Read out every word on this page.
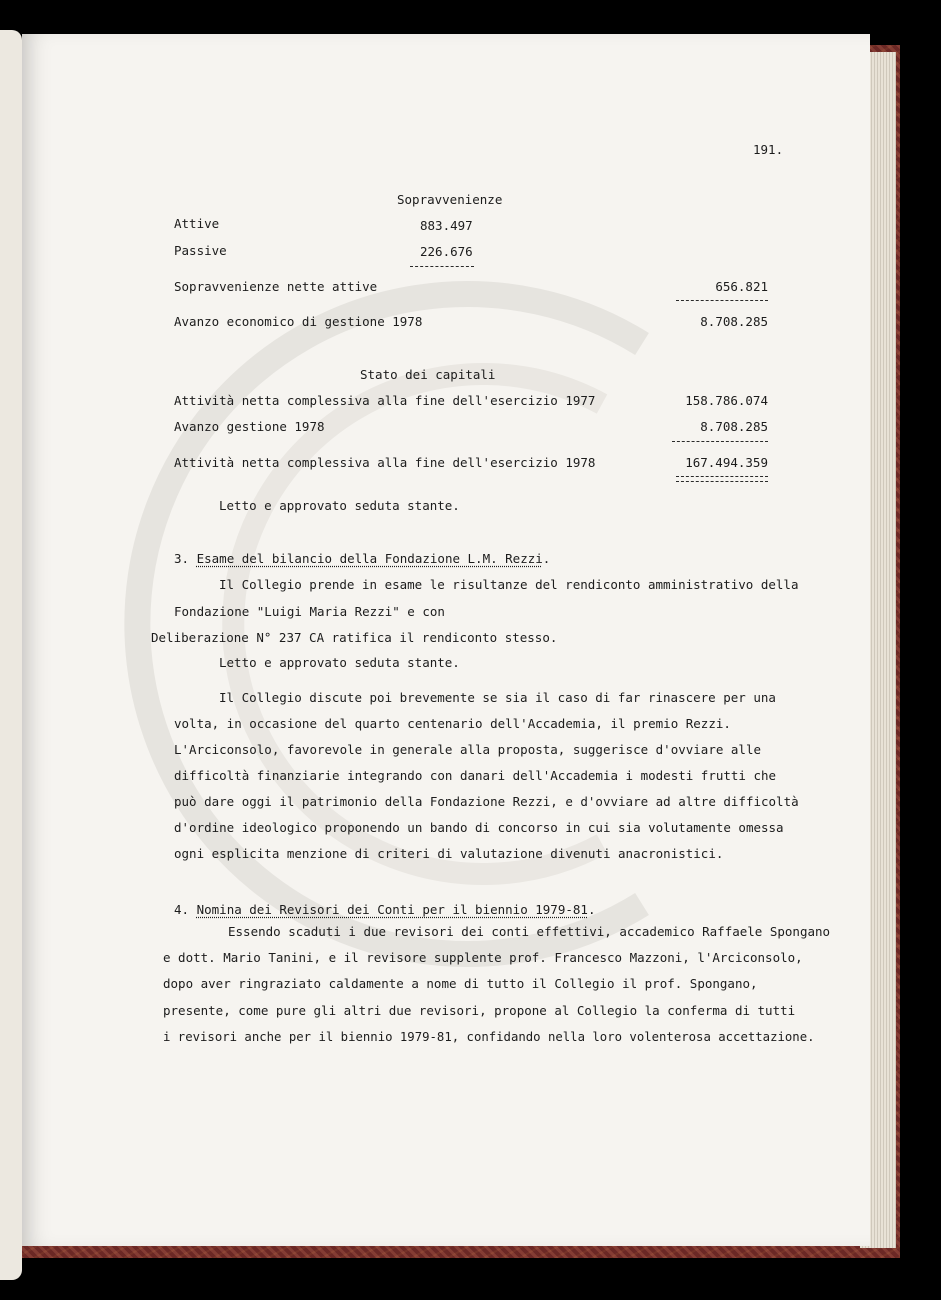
191.
Sopravvenienze
Attive	883.497
Passive	226.676
Sopravvenienze nette attive	656.821
Avanzo economico di gestione 1978	8.708.285
Stato dei capitali
Attività netta complessiva alla fine dell'esercizio 1977	158.786.074
Avanzo gestione 1978	8.708.285
Attività netta complessiva alla fine dell'esercizio 1978	167.494.359
Letto e approvato seduta stante.
3. Esame del bilancio della Fondazione L.M. Rezzi.
Il Collegio prende in esame le risultanze del rendiconto amministrativo della
Fondazione "Luigi Maria Rezzi" e con
Deliberazione N° 237 CA ratifica il rendiconto stesso.
Letto e approvato seduta stante.
Il Collegio discute poi brevemente se sia il caso di far rinascere per una
volta, in occasione del quarto centenario dell'Accademia, il premio Rezzi.
L'Arciconsolo, favorevole in generale alla proposta, suggerisce d'ovviare alle
difficoltà finanziarie integrando con danari dell'Accademia i modesti frutti che
può dare oggi il patrimonio della Fondazione Rezzi, e d'ovviare ad altre difficoltà
d'ordine ideologico proponendo un bando di concorso in cui sia volutamente omessa
ogni esplicita menzione di criteri di valutazione divenuti anacronistici.
4. Nomina dei Revisori dei Conti per il biennio 1979-81.
Essendo scaduti i due revisori dei conti effettivi, accademico Raffaele Spongano
e dott. Mario Tanini, e il revisore supplente prof. Francesco Mazzoni, l'Arciconsolo,
dopo aver ringraziato caldamente a nome di tutto il Collegio il prof. Spongano,
presente, come pure gli altri due revisori, propone al Collegio la conferma di tutti
i revisori anche per il biennio 1979-81, confidando nella loro volenterosa accettazione.
